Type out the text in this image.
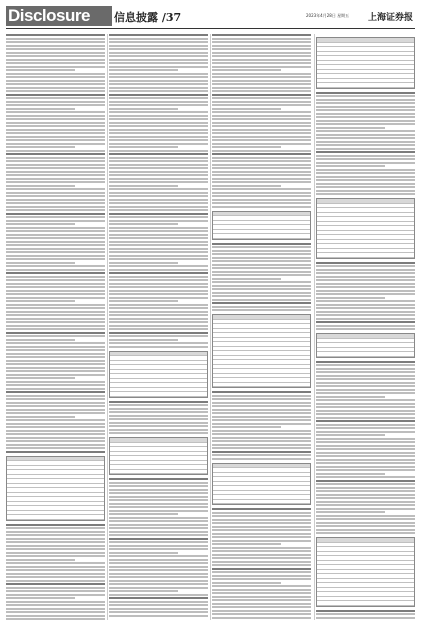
Disclosure	信息披露 /37	2023年4月28日 星期五 上海证券报
